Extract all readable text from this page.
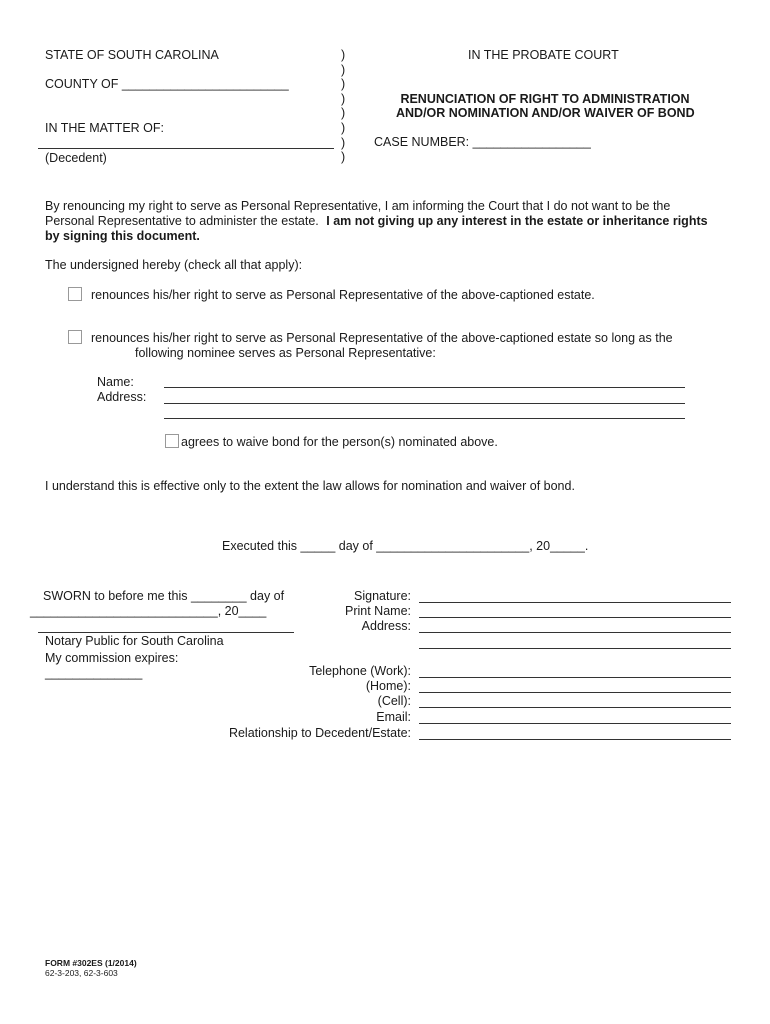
STATE OF SOUTH CAROLINA
COUNTY OF ________________________
IN THE MATTER OF:
(Decedent)
)
)
)
)
)
)
)
)
IN THE PROBATE COURT
RENUNCIATION OF RIGHT TO ADMINISTRATION
AND/OR NOMINATION AND/OR WAIVER OF BOND
CASE NUMBER: _________________
By renouncing my right to serve as Personal Representative, I am informing the Court that I do not want to be the
Personal Representative to administer the estate. I am not giving up any interest in the estate or inheritance rights
by signing this document.
The undersigned hereby (check all that apply):
renounces his/her right to serve as Personal Representative of the above-captioned estate.
renounces his/her right to serve as Personal Representative of the above-captioned estate so long as the
following nominee serves as Personal Representative:
Name:
Address:
agrees to waive bond for the person(s) nominated above.
I understand this is effective only to the extent the law allows for nomination and waiver of bond.
Executed this _____ day of ______________________, 20_____.
SWORN to before me this ________ day of
___________________________, 20____
Notary Public for South Carolina
My commission expires:
______________
Signature:
Print Name:
Address:
Telephone (Work):
(Home):
(Cell):
Email:
Relationship to Decedent/Estate:
FORM #302ES (1/2014)
62-3-203, 62-3-603
